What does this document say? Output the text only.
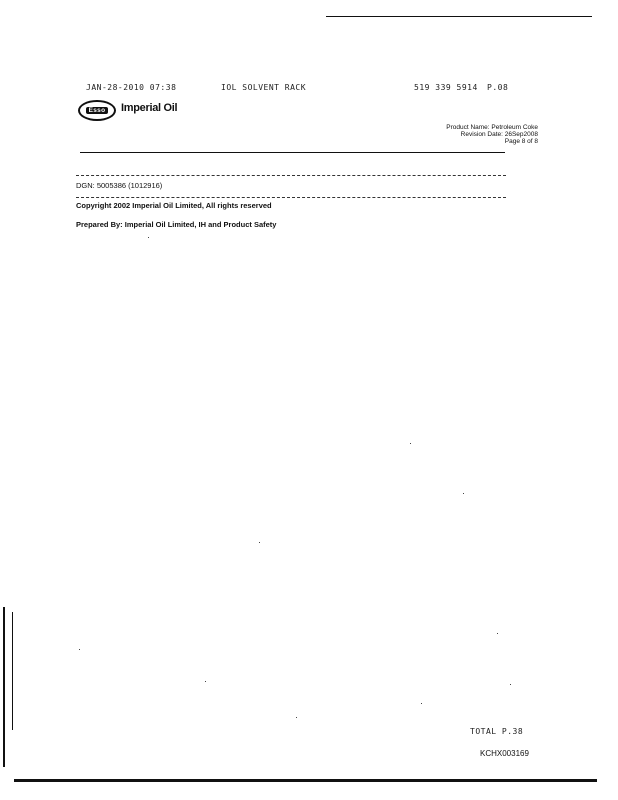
JAN-28-2010 07:38	IOL SOLVENT RACK	519 339 5914 P.08
Esso Imperial Oil
Product Name: Petroleum Coke
Revision Date: 26Sep2008
Page 8 of 8
DGN: 5005386 (1012916)
Copyright 2002 Imperial Oil Limited, All rights reserved
Prepared By: Imperial Oil Limited, IH and Product Safety
TOTAL P.38
KCHX003169
